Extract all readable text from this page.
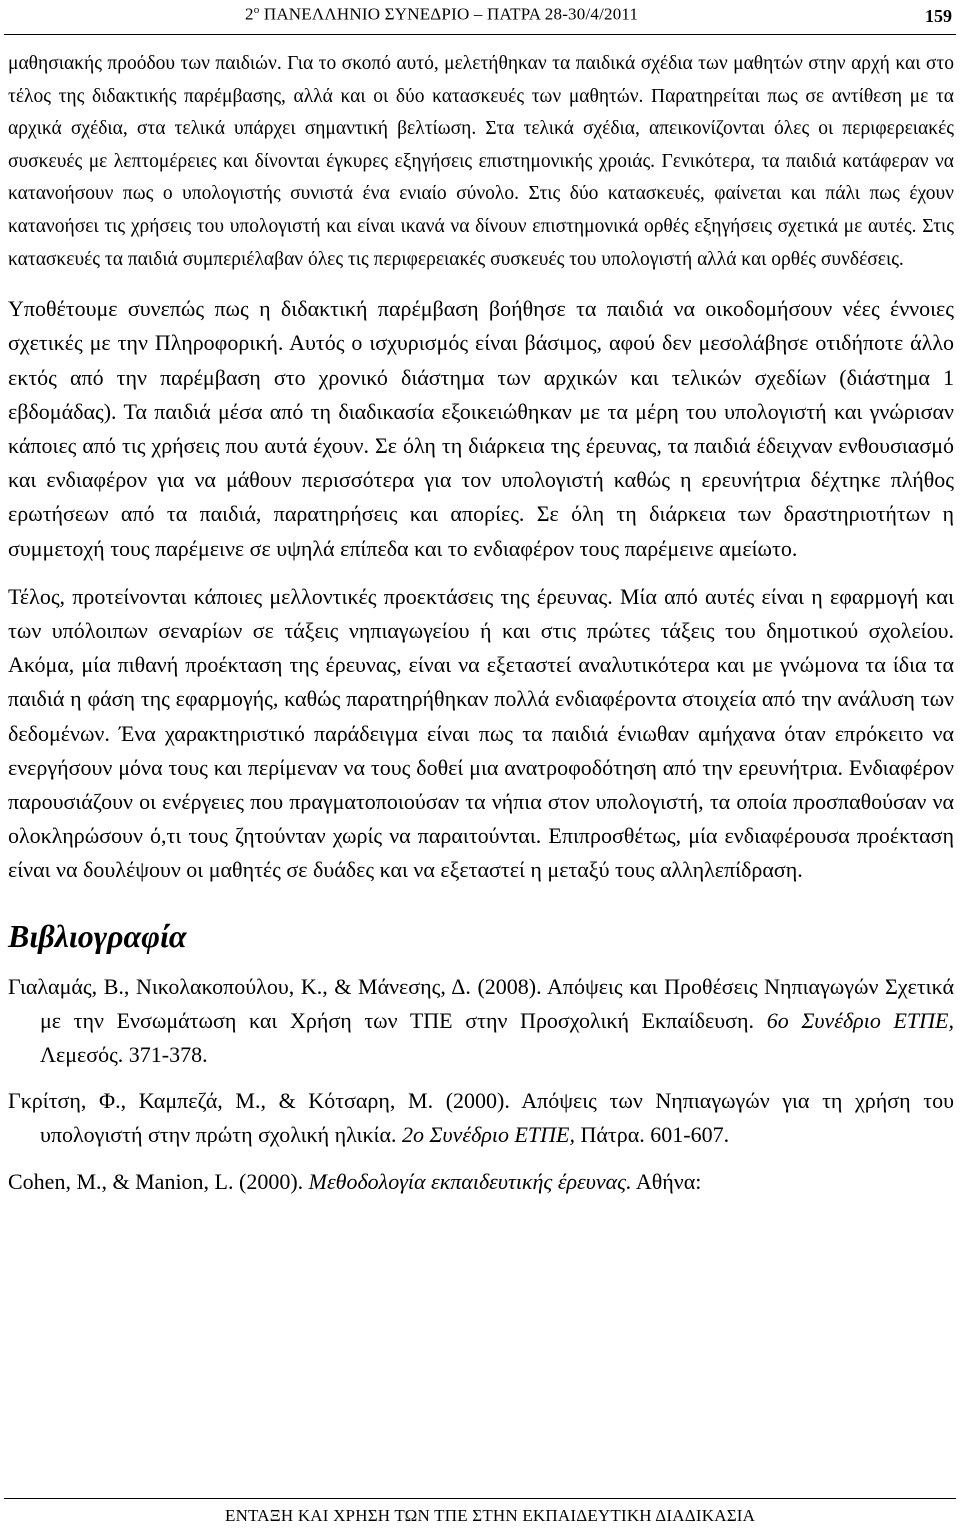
$2^o$ ΠΑΝΕΛΛΗΝΙΟ ΣΥΝΕΔΡΙΟ – ΠΑΤΡΑ 28-30/4/2011	159

μαθησιακής προόδου των παιδιών. Για το σκοπό αυτό, μελετήθηκαν τα παιδικά σχέδια των μαθητών στην αρχή και στο τέλος της διδακτικής παρέμβασης, αλλά και οι δύο κατασκευές των μαθητών. Παρατηρείται πως σε αντίθεση με τα αρχικά σχέδια, στα τελικά υπάρχει σημαντική βελτίωση. Στα τελικά σχέδια, απεικονίζονται όλες οι περιφερειακές συσκευές με λεπτομέρειες και δίνονται έγκυρες εξηγήσεις επιστημονικής χροιάς. Γενικότερα, τα παιδιά κατάφεραν να κατανοήσουν πως ο υπολογιστής συνιστά ένα ενιαίο σύνολο. Στις δύο κατασκευές, φαίνεται και πάλι πως έχουν κατανοήσει τις χρήσεις του υπολογιστή και είναι ικανά να δίνουν επιστημονικά ορθές εξηγήσεις σχετικά με αυτές. Στις κατασκευές τα παιδιά συμπεριέλαβαν όλες τις περιφερειακές συσκευές του υπολογιστή αλλά και ορθές συνδέσεις.

Υποθέτουμε συνεπώς πως η διδακτική παρέμβαση βοήθησε τα παιδιά να οικοδομήσουν νέες έννοιες σχετικές με την Πληροφορική. Αυτός ο ισχυρισμός είναι βάσιμος, αφού δεν μεσολάβησε οτιδήποτε άλλο εκτός από την παρέμβαση στο χρονικό διάστημα των αρχικών και τελικών σχεδίων (διάστημα 1 εβδομάδας). Τα παιδιά μέσα από τη διαδικασία εξοικειώθηκαν με τα μέρη του υπολογιστή και γνώρισαν κάποιες από τις χρήσεις που αυτά έχουν. Σε όλη τη διάρκεια της έρευνας, τα παιδιά έδειχναν ενθουσιασμό και ενδιαφέρον για να μάθουν περισσότερα για τον υπολογιστή καθώς η ερευνήτρια δέχτηκε πλήθος ερωτήσεων από τα παιδιά, παρατηρήσεις και απορίες. Σε όλη τη διάρκεια των δραστηριοτήτων η συμμετοχή τους παρέμεινε σε υψηλά επίπεδα και το ενδιαφέρον τους παρέμεινε αμείωτο.

Τέλος, προτείνονται κάποιες μελλοντικές προεκτάσεις της έρευνας. Μία από αυτές είναι η εφαρμογή και των υπόλοιπων σεναρίων σε τάξεις νηπιαγωγείου ή και στις πρώτες τάξεις του δημοτικού σχολείου. Ακόμα, μία πιθανή προέκταση της έρευνας, είναι να εξεταστεί αναλυτικότερα και με γνώμονα τα ίδια τα παιδιά η φάση της εφαρμογής, καθώς παρατηρήθηκαν πολλά ενδιαφέροντα στοιχεία από την ανάλυση των δεδομένων. Ένα χαρακτηριστικό παράδειγμα είναι πως τα παιδιά ένιωθαν αμήχανα όταν επρόκειτο να ενεργήσουν μόνα τους και περίμεναν να τους δοθεί μια ανατροφοδότηση από την ερευνήτρια. Ενδιαφέρον παρουσιάζουν οι ενέργειες που πραγματοποιούσαν τα νήπια στον υπολογιστή, τα οποία προσπαθούσαν να ολοκληρώσουν ό,τι τους ζητούνταν χωρίς να παραιτούνται. Επιπροσθέτως, μία ενδιαφέρουσα προέκταση είναι να δουλέψουν οι μαθητές σε δυάδες και να εξεταστεί η μεταξύ τους αλληλεπίδραση.

Βιβλιογραφία

Γιαλαμάς, Β., Νικολακοπούλου, Κ., & Μάνεσης, Δ. (2008). Απόψεις και Προθέσεις Νηπιαγωγών Σχετικά με την Ενσωμάτωση και Χρήση των ΤΠΕ στην Προσχολική Εκπαίδευση. 6ο Συνέδριο ΕΤΠΕ, Λεμεσός. 371-378.

Γκρίτση, Φ., Καμπεζά, Μ., & Κότσαρη, Μ. (2000). Απόψεις των Νηπιαγωγών για τη χρήση του υπολογιστή στην πρώτη σχολική ηλικία. 2ο Συνέδριο ΕΤΠΕ, Πάτρα. 601-607.

Cohen, M., & Manion, L. (2000). Μεθοδολογία εκπαιδευτικής έρευνας. Αθήνα:

ΕΝΤΑΞΗ ΚΑΙ ΧΡΗΣΗ ΤΩΝ ΤΠΕ ΣΤΗΝ ΕΚΠΑΙΔΕΥΤΙΚΗ ΔΙΑΔΙΚΑΣΙΑ
